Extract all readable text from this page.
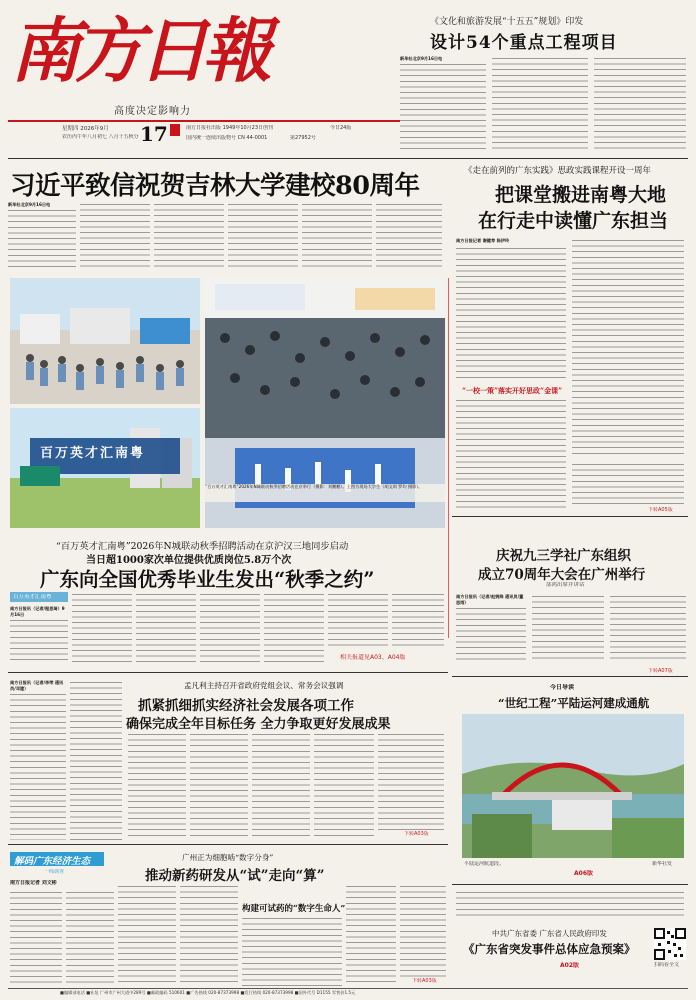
南方日報
高度决定影响力
星期四 2026年9月
农历丙午年八月初七 八月十五秋分 17	南方日报社出版 1949年10月23日创刊
国内统一连续出版物号 CN 44-0001	第27952号
今日24版
《文化和旅游发展“十五五”规划》印发
设计54个重点工程项目
新华社北京9月16日电
习近平致信祝贺吉林大学建校80周年
新华社北京9月16日电
百万英才汇南粤
“百万英才汇南粤”2026年N城联动秋季招聘活动在京举行（摄影：刘鹏鹏）。上图为现场大学生（胡文琪 罗均 摄影）。
“百万英才汇南粤”2026年N城联动秋季招聘活动在京沪汉三地同步启动
当日超1000家次单位提供优质岗位5.8万个次
广东向全国优秀毕业生发出“秋季之约”
百万英才汇南粤
南方日报讯（记者/程思琦）9月16日
相关报道见A03、A04版
《走在前列的广东实践》思政实践课程开设一周年
把课堂搬进南粤大地
在行走中读懂广东担当
南方日报记者 谢健寿 陈伊玲
“一校一策”落实开好思政“金课”
下转A05版
庆祝九三学社广东组织
成立70周年大会在广州举行
郜鸿出席并讲话
南方日报讯（记者/赵婉珠 通讯员/董思雨）
下转A07版
南方日报讯（记者/李荣 通讯员/邓建）	孟凡利主持召开省政府党组会议、常务会议强调
抓紧抓细抓实经济社会发展各项工作
确保完成全年目标任务 全力争取更好发展成果
下转A03版
今日导读
“世纪工程”平陆运河建成通航
平陆运河航道段。	新华社发
A06版
解码广东经济生态
一线调查
南方日报记者 刘文彬
广州正为细胞啮“数字分身”
推动新药研发从“试”走向“算”
构建可试药的“数字生命人”
下转A03版
中共广东省委 广东省人民政府印发
《广东省突发事件总体应急预案》
A02版	扫码看全文
■编辑部电话 ■社址 广州市广州大道中289号 ■邮政编码 510601 ■广告热线 020-87373998 ■发行热线 020-87373998 ■国外代号 D1155 零售价1.5元
